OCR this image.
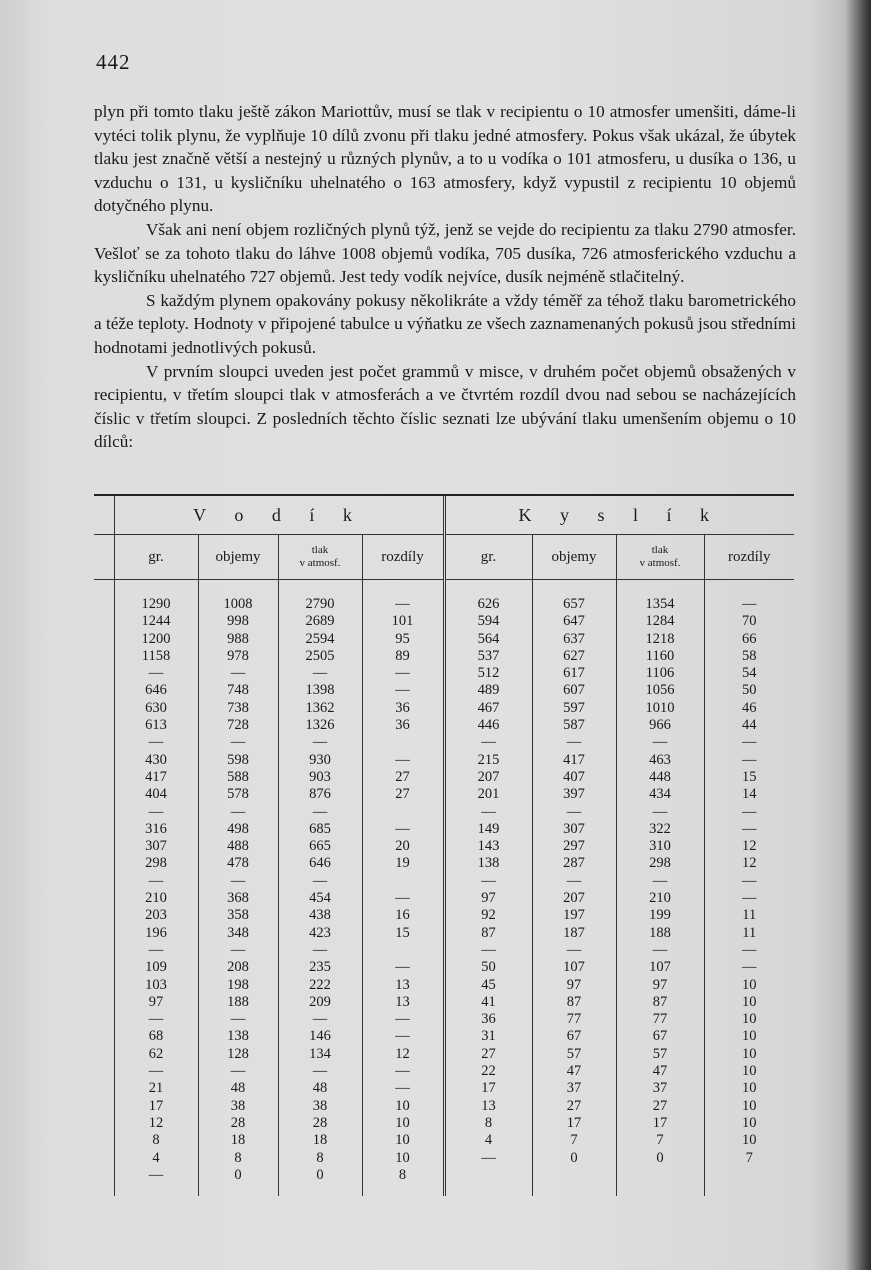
442

plyn při tomto tlaku ještě zákon Mariottův, musí se tlak v recipientu o 10 atmosfer umenšiti, dáme-li vytéci tolik plynu, že vyplňuje 10 dílů zvonu při tlaku jedné atmosfery. Pokus však ukázal, že úbytek tlaku jest značně větší a nestejný u různých plynův, a to u vodíka o 101 atmosferu, u dusíka o 136, u vzduchu o 131, u kysličníku uhelnatého o 163 atmosfery, když vypustil z recipientu 10 objemů dotyčného plynu.

Však ani není objem rozličných plynů týž, jenž se vejde do recipientu za tlaku 2790 atmosfer. Vešloť se za tohoto tlaku do láhve 1008 objemů vodíka, 705 dusíka, 726 atmosferického vzduchu a kysličníku uhelnatého 727 objemů. Jest tedy vodík nejvíce, dusík nejméně stlačitelný.

S každým plynem opakovány pokusy několikráte a vždy téměř za téhož tlaku barometrického a téže teploty. Hodnoty v připojené tabulce u výňatku ze všech zaznamenaných pokusů jsou středními hodnotami jednotlivých pokusů.

V prvním sloupci uveden jest počet grammů v misce, v druhém počet objemů obsažených v recipientu, v třetím sloupci tlak v atmosferách a ve čtvrtém rozdíl dvou nad sebou se nacházejících číslic v třetím sloupci. Z posledních těchto číslic seznati lze ubývání tlaku umenšením objemu o 10 dílců:

	V o d í k				K y s l í k			
	gr.	objemy	tlak
v atmosf.	rozdíly	gr.	objemy	tlak
v atmosf.	rozdíly

	1290	1008	2790	—	626	657	1354	—
	1244	998	2689	101	594	647	1284	70
	1200	988	2594	95	564	637	1218	66
	1158	978	2505	89	537	627	1160	58
	—	—	—	—	512	617	1106	54
	646	748	1398	—	489	607	1056	50
	630	738	1362	36	467	597	1010	46
	613	728	1326	36	446	587	966	44
	—	—	—		—	—	—	—
	430	598	930	—	215	417	463	—
	417	588	903	27	207	407	448	15
	404	578	876	27	201	397	434	14
	—	—	—		—	—	—	—
	316	498	685	—	149	307	322	—
	307	488	665	20	143	297	310	12
	298	478	646	19	138	287	298	12
	—	—	—		—	—	—	—
	210	368	454	—	97	207	210	—
	203	358	438	16	92	197	199	11
	196	348	423	15	87	187	188	11
	—	—	—		—	—	—	—
	109	208	235	—	50	107	107	—
	103	198	222	13	45	97	97	10
	97	188	209	13	41	87	87	10
	—	—	—	—	36	77	77	10
	68	138	146	—	31	67	67	10
	62	128	134	12	27	57	57	10
	—	—	—	—	22	47	47	10
	21	48	48	—	17	37	37	10
	17	38	38	10	13	27	27	10
	12	28	28	10	8	17	17	10
	8	18	18	10	4	7	7	10
	4	8	8	10	—	0	0	7
	—	0	0	8				
